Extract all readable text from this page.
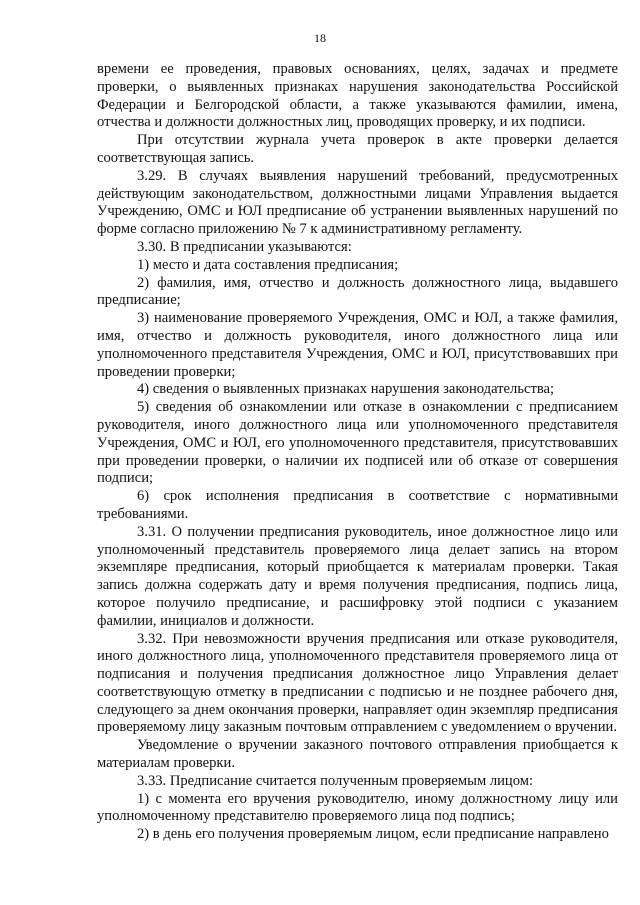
18

времени ее проведения, правовых основаниях, целях, задачах и предмете проверки, о выявленных признаках нарушения законодательства Российской Федерации и Белгородской области, а также указываются фамилии, имена, отчества и должности должностных лиц, проводящих проверку, и их подписи.

При отсутствии журнала учета проверок в акте проверки делается соответствующая запись.

3.29. В случаях выявления нарушений требований, предусмотренных действующим законодательством, должностными лицами Управления выдается Учреждению, ОМС и ЮЛ предписание об устранении выявленных нарушений по форме согласно приложению № 7 к административному регламенту.

3.30. В предписании указываются:

1) место и дата составления предписания;

2) фамилия, имя, отчество и должность должностного лица, выдавшего предписание;

3) наименование проверяемого Учреждения, ОМС и ЮЛ, а также фамилия, имя, отчество и должность руководителя, иного должностного лица или уполномоченного представителя Учреждения, ОМС и ЮЛ, присутствовавших при проведении проверки;

4) сведения о выявленных признаках нарушения законодательства;

5) сведения об ознакомлении или отказе в ознакомлении с предписанием руководителя, иного должностного лица или уполномоченного представителя Учреждения, ОМС и ЮЛ, его уполномоченного представителя, присутствовавших при проведении проверки, о наличии их подписей или об отказе от совершения подписи;

6) срок исполнения предписания в соответствие с нормативными требованиями.

3.31. О получении предписания руководитель, иное должностное лицо или уполномоченный представитель проверяемого лица делает запись на втором экземпляре предписания, который приобщается к материалам проверки. Такая запись должна содержать дату и время получения предписания, подпись лица, которое получило предписание, и расшифровку этой подписи с указанием фамилии, инициалов и должности.

3.32. При невозможности вручения предписания или отказе руководителя, иного должностного лица, уполномоченного представителя проверяемого лица от подписания и получения предписания должностное лицо Управления делает соответствующую отметку в предписании с подписью и не позднее рабочего дня, следующего за днем окончания проверки, направляет один экземпляр предписания проверяемому лицу заказным почтовым отправлением с уведомлением о вручении.

Уведомление о вручении заказного почтового отправления приобщается к материалам проверки.

3.33. Предписание считается полученным проверяемым лицом:

1) с момента его вручения руководителю, иному должностному лицу или уполномоченному представителю проверяемого лица под подпись;

2) в день его получения проверяемым лицом, если предписание направлено
